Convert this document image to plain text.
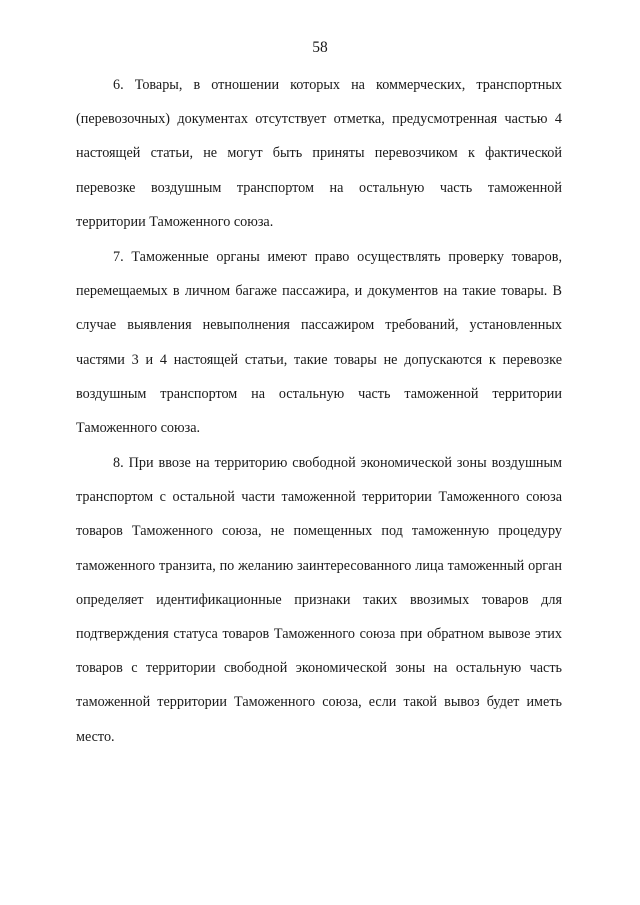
58

6. Товары, в отношении которых на коммерческих, транспортных (перевозочных) документах отсутствует отметка, предусмотренная частью 4 настоящей статьи, не могут быть приняты перевозчиком к фактической перевозке воздушным транспортом на остальную часть таможенной территории Таможенного союза.

7. Таможенные органы имеют право осуществлять проверку товаров, перемещаемых в личном багаже пассажира, и документов на такие товары. В случае выявления невыполнения пассажиром требований, установленных частями 3 и 4 настоящей статьи, такие товары не допускаются к перевозке воздушным транспортом на остальную часть таможенной территории Таможенного союза.

8. При ввозе на территорию свободной экономической зоны воздушным транспортом с остальной части таможенной территории Таможенного союза товаров Таможенного союза, не помещенных под таможенную процедуру таможенного транзита, по желанию заинтересованного лица таможенный орган определяет идентификационные признаки таких ввозимых товаров для подтверждения статуса товаров Таможенного союза при обратном вывозе этих товаров с территории свободной экономической зоны на остальную часть таможенной территории Таможенного союза, если такой вывоз будет иметь место.
